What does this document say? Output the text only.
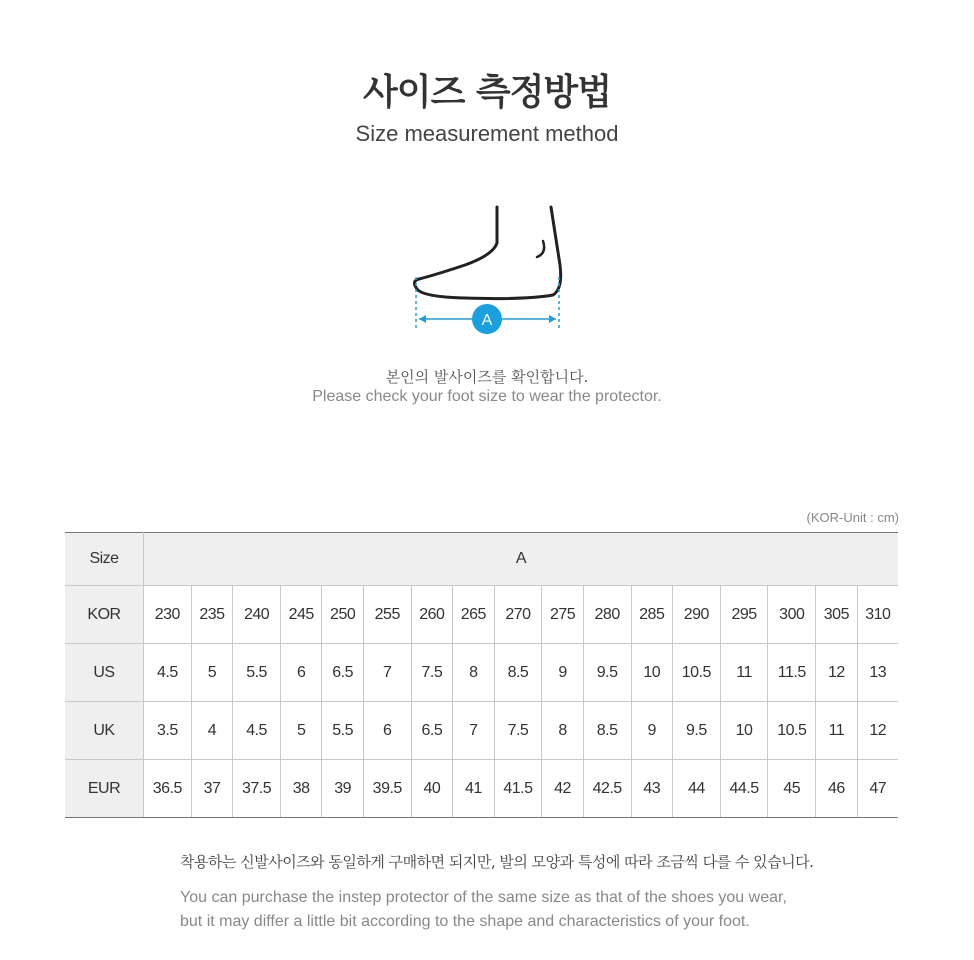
사이즈 측정방법
Size measurement method
A
본인의 발사이즈를 확인합니다.
Please check your foot size to wear the protector.
(KOR-Unit : cm)
Size	A																
KOR	230	235	240	245	250	255	260	265	270	275	280	285	290	295	300	305	310
US	4.5	5	5.5	6	6.5	7	7.5	8	8.5	9	9.5	10	10.5	11	11.5	12	13
UK	3.5	4	4.5	5	5.5	6	6.5	7	7.5	8	8.5	9	9.5	10	10.5	11	12
EUR	36.5	37	37.5	38	39	39.5	40	41	41.5	42	42.5	43	44	44.5	45	46	47
착용하는 신발사이즈와 동일하게 구매하면 되지만, 발의 모양과 특성에 따라 조금씩 다를 수 있습니다.
You can purchase the instep protector of the same size as that of the shoes you wear,
but it may differ a little bit according to the shape and characteristics of your foot.
